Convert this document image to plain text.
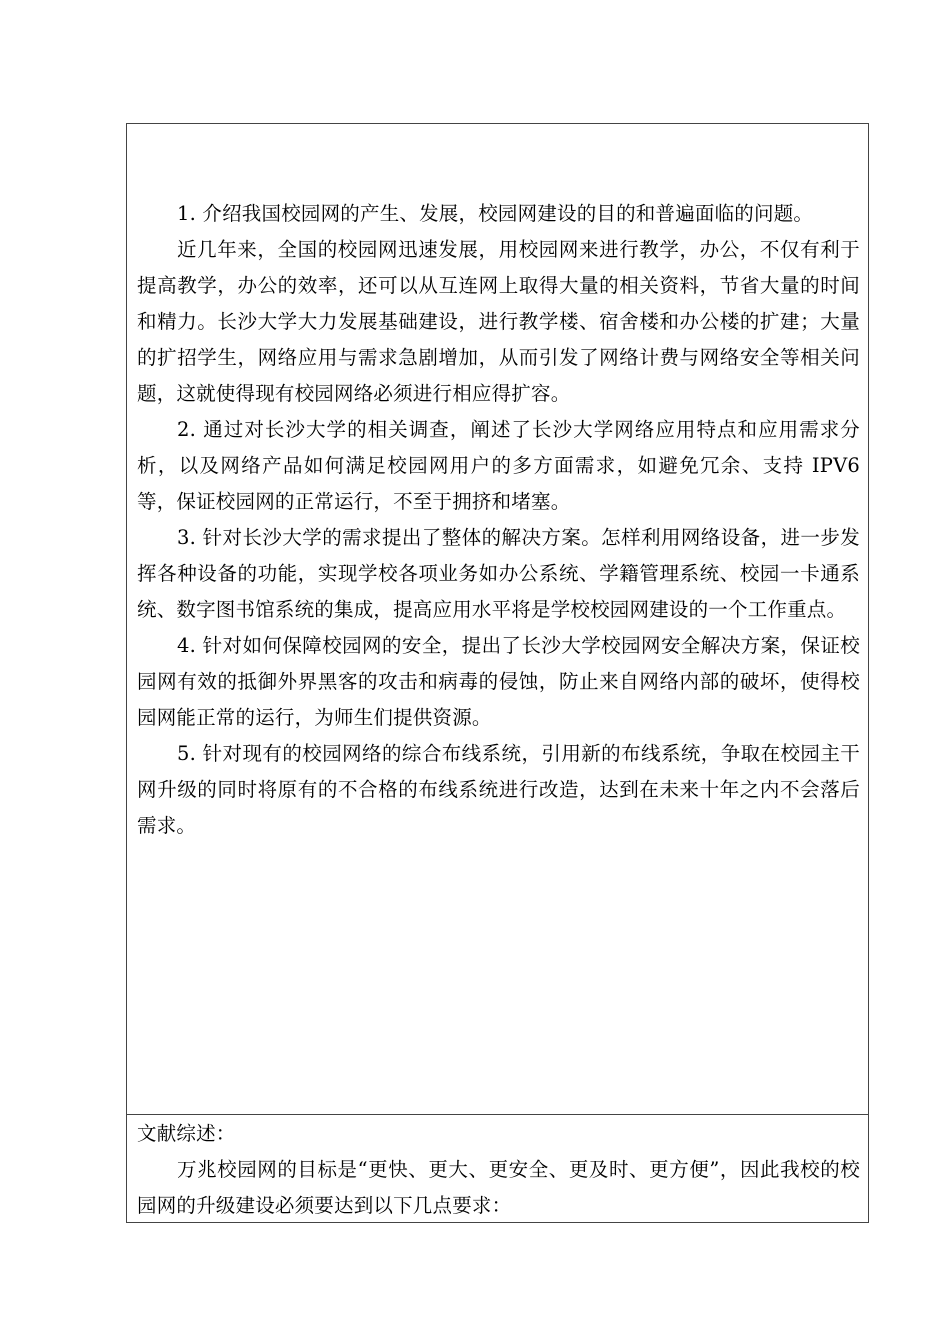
1. 介绍我国校园网的产生、发展，校园网建设的目的和普遍面临的问题。

近几年来，全国的校园网迅速发展，用校园网来进行教学，办公，不仅有利于提高教学，办公的效率，还可以从互连网上取得大量的相关资料，节省大量的时间和精力。长沙大学大力发展基础建设，进行教学楼、宿舍楼和办公楼的扩建；大量的扩招学生，网络应用与需求急剧增加，从而引发了网络计费与网络安全等相关问题，这就使得现有校园网络必须进行相应得扩容。

2. 通过对长沙大学的相关调查，阐述了长沙大学网络应用特点和应用需求分析，以及网络产品如何满足校园网用户的多方面需求，如避免冗余、支持 IPV6 等，保证校园网的正常运行，不至于拥挤和堵塞。

3. 针对长沙大学的需求提出了整体的解决方案。怎样利用网络设备，进一步发挥各种设备的功能，实现学校各项业务如办公系统、学籍管理系统、校园一卡通系统、数字图书馆系统的集成，提高应用水平将是学校校园网建设的一个工作重点。

4. 针对如何保障校园网的安全，提出了长沙大学校园网安全解决方案，保证校园网有效的抵御外界黑客的攻击和病毒的侵蚀，防止来自网络内部的破坏，使得校园网能正常的运行，为师生们提供资源。

5. 针对现有的校园网络的综合布线系统，引用新的布线系统，争取在校园主干网升级的同时将原有的不合格的布线系统进行改造，达到在未来十年之内不会落后需求。

文献综述：

万兆校园网的目标是“更快、更大、更安全、更及时、更方便”，因此我校的校园网的升级建设必须要达到以下几点要求：
